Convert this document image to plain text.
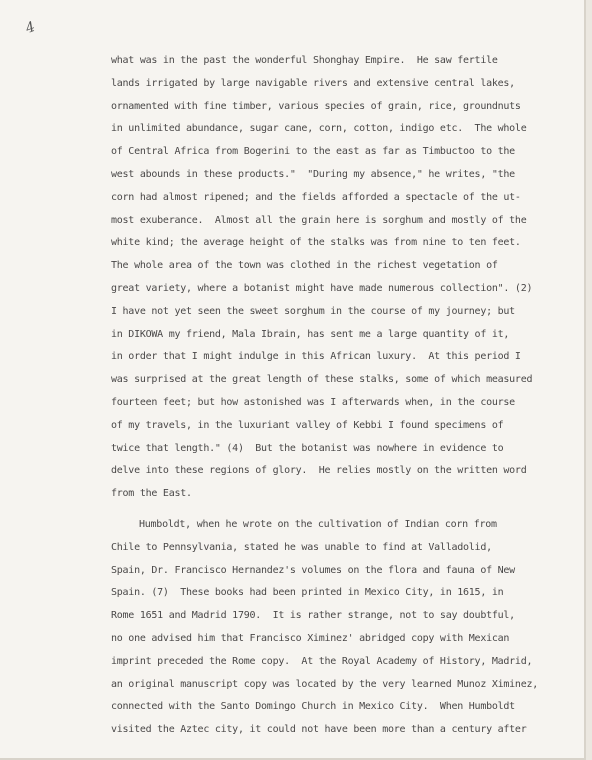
4
what was in the past the wonderful Shonghay Empire.  He saw fertile
lands irrigated by large navigable rivers and extensive central lakes,
ornamented with fine timber, various species of grain, rice, groundnuts
in unlimited abundance, sugar cane, corn, cotton, indigo etc.  The whole
of Central Africa from Bogerini to the east as far as Timbuctoo to the
west abounds in these products."  "During my absence," he writes, "the
corn had almost ripened; and the fields afforded a spectacle of the ut-
most exuberance.  Almost all the grain here is sorghum and mostly of the
white kind; the average height of the stalks was from nine to ten feet.
The whole area of the town was clothed in the richest vegetation of
great variety, where a botanist might have made numerous collection". (2)
I have not yet seen the sweet sorghum in the course of my journey; but
in DIKOWA my friend, Mala Ibrain, has sent me a large quantity of it,
in order that I might indulge in this African luxury.  At this period I
was surprised at the great length of these stalks, some of which measured
fourteen feet; but how astonished was I afterwards when, in the course
of my travels, in the luxuriant valley of Kebbi I found specimens of
twice that length." (4)  But the botanist was nowhere in evidence to
delve into these regions of glory.  He relies mostly on the written word
from the East.
Humboldt, when he wrote on the cultivation of Indian corn from
Chile to Pennsylvania, stated he was unable to find at Valladolid,
Spain, Dr. Francisco Hernandez's volumes on the flora and fauna of New
Spain. (7)  These books had been printed in Mexico City, in 1615, in
Rome 1651 and Madrid 1790.  It is rather strange, not to say doubtful,
no one advised him that Francisco Ximinez' abridged copy with Mexican
imprint preceded the Rome copy.  At the Royal Academy of History, Madrid,
an original manuscript copy was located by the very learned Munoz Ximinez,
connected with the Santo Domingo Church in Mexico City.  When Humboldt
visited the Aztec city, it could not have been more than a century after
